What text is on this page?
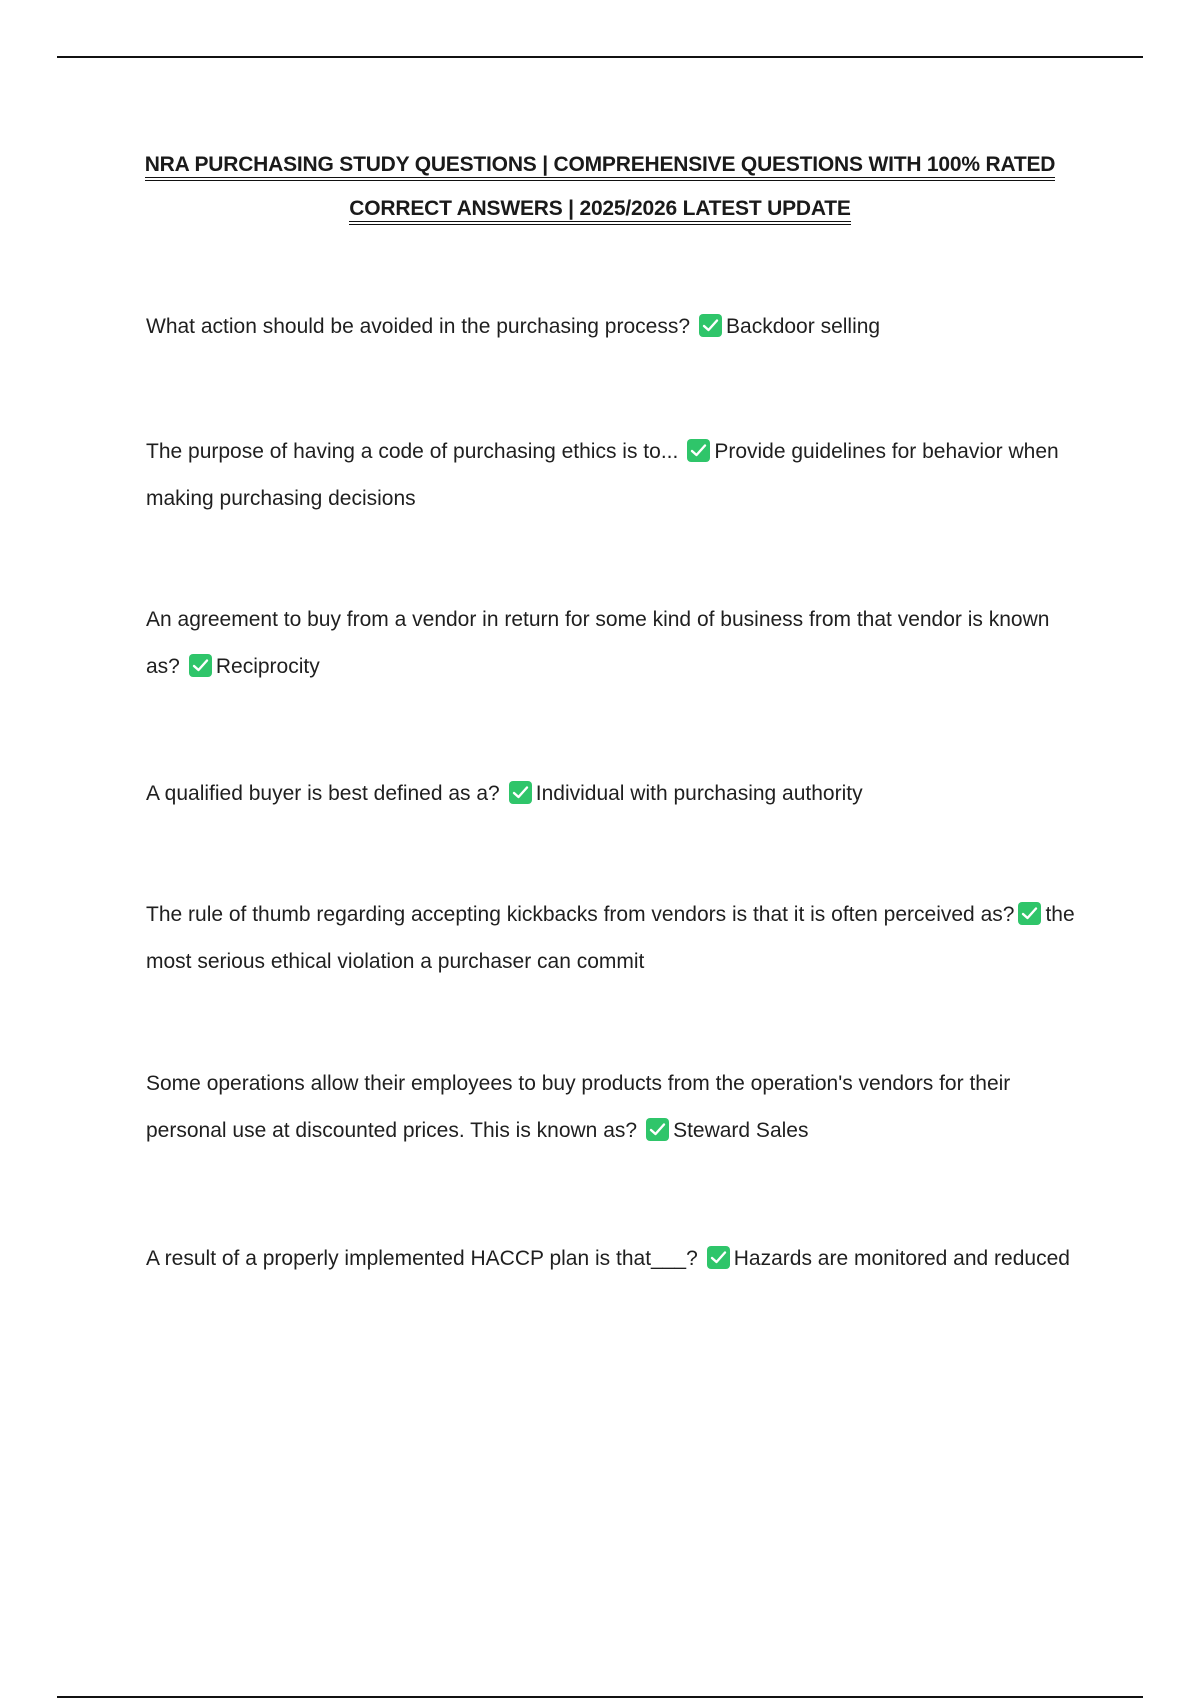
NRA PURCHASING STUDY QUESTIONS | COMPREHENSIVE QUESTIONS WITH 100% RATED
CORRECT ANSWERS | 2025/2026 LATEST UPDATE
What action should be avoided in the purchasing process? Backdoor selling
The purpose of having a code of purchasing ethics is to... Provide guidelines for behavior when making purchasing decisions
An agreement to buy from a vendor in return for some kind of business from that vendor is known as? Reciprocity
A qualified buyer is best defined as a? Individual with purchasing authority
The rule of thumb regarding accepting kickbacks from vendors is that it is often perceived as? the most serious ethical violation a purchaser can commit
Some operations allow their employees to buy products from the operation's vendors for their personal use at discounted prices. This is known as? Steward Sales
A result of a properly implemented HACCP plan is that___? Hazards are monitored and reduced
